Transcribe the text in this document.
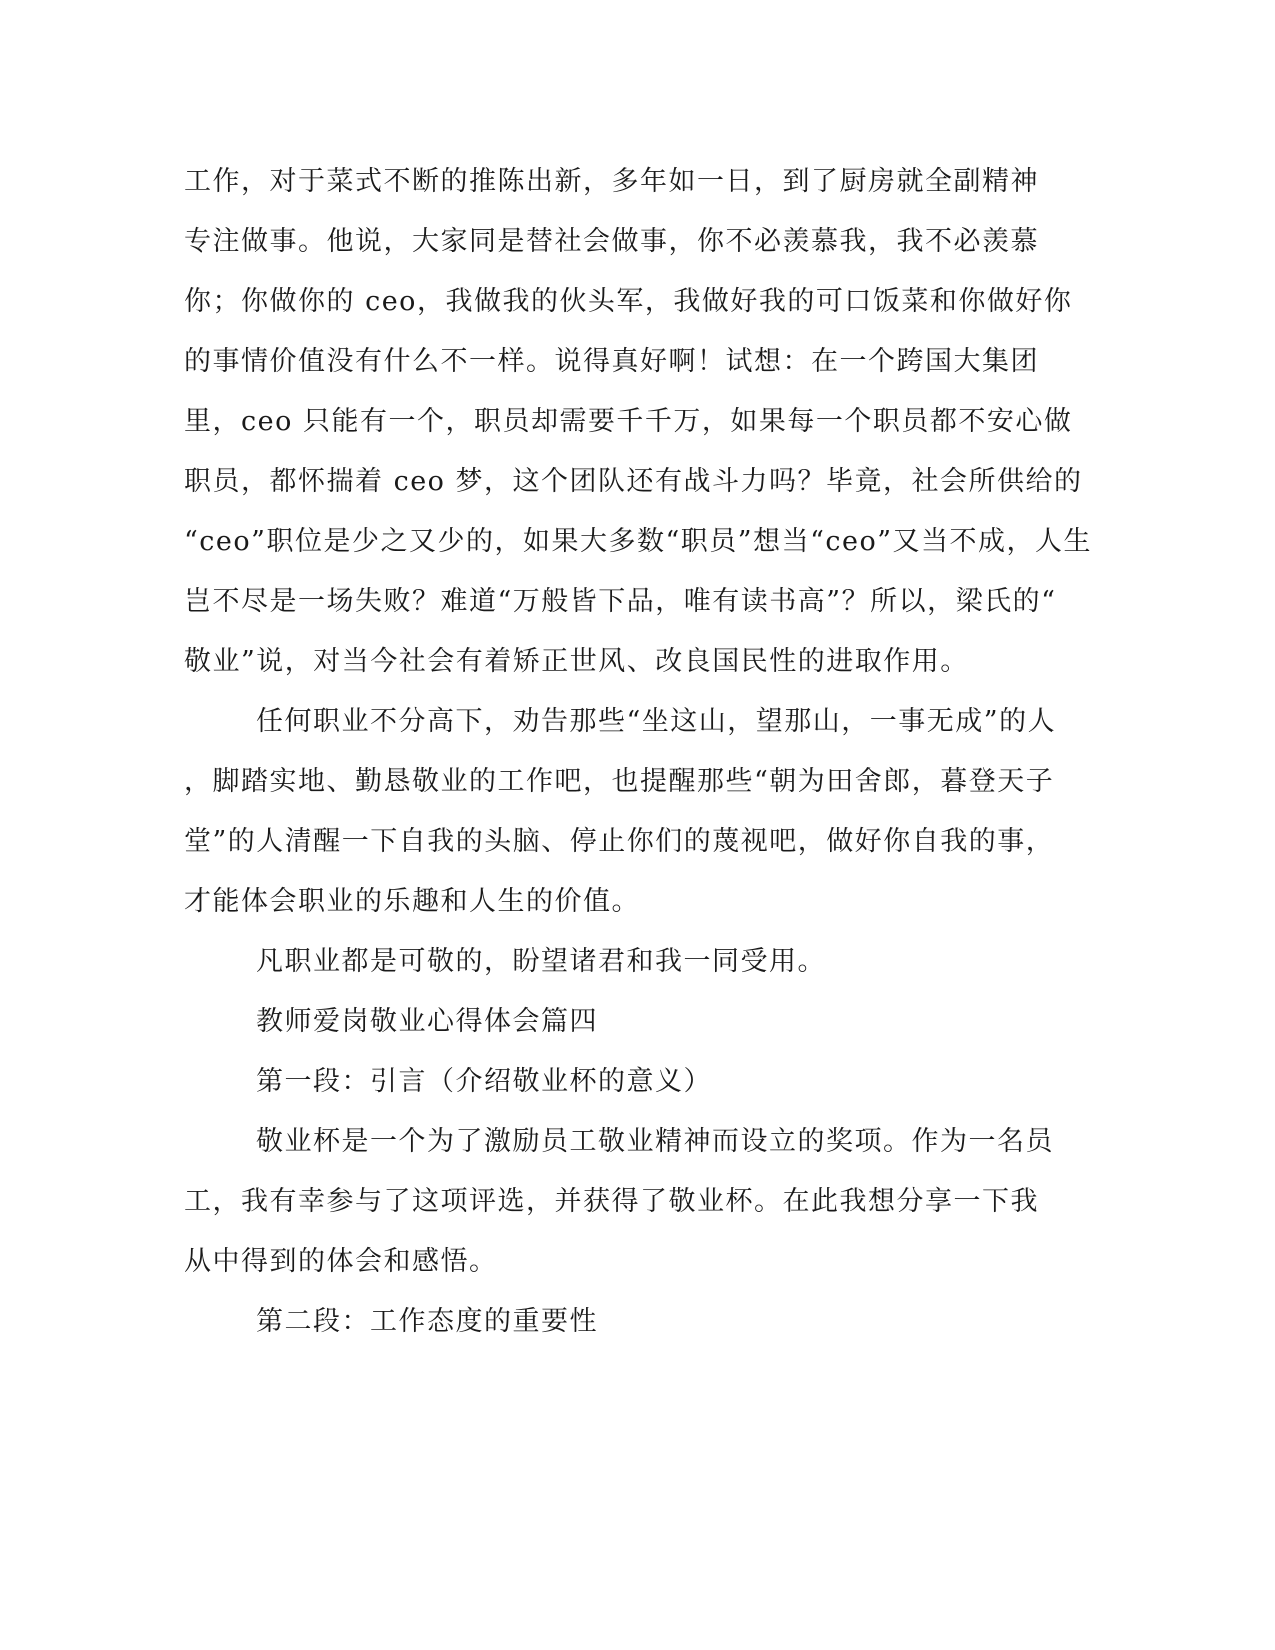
工作，对于菜式不断的推陈出新，多年如一日，到了厨房就全副精神
专注做事。他说，大家同是替社会做事，你不必羡慕我，我不必羡慕
你；你做你的 ceo，我做我的伙头军，我做好我的可口饭菜和你做好你
的事情价值没有什么不一样。说得真好啊！试想：在一个跨国大集团
里，ceo 只能有一个，职员却需要千千万，如果每一个职员都不安心做
职员，都怀揣着 ceo 梦，这个团队还有战斗力吗？毕竟，社会所供给的
“ceo”职位是少之又少的，如果大多数“职员”想当“ceo”又当不成，人生
岂不尽是一场失败？难道“万般皆下品，唯有读书高”？所以，梁氏的“
敬业”说，对当今社会有着矫正世风、改良国民性的进取作用。
任何职业不分高下，劝告那些“坐这山，望那山，一事无成”的人
，脚踏实地、勤恳敬业的工作吧，也提醒那些“朝为田舍郎，暮登天子
堂”的人清醒一下自我的头脑、停止你们的蔑视吧，做好你自我的事，
才能体会职业的乐趣和人生的价值。
凡职业都是可敬的，盼望诸君和我一同受用。
教师爱岗敬业心得体会篇四
第一段：引言（介绍敬业杯的意义）
敬业杯是一个为了激励员工敬业精神而设立的奖项。作为一名员
工，我有幸参与了这项评选，并获得了敬业杯。在此我想分享一下我
从中得到的体会和感悟。
第二段：工作态度的重要性
